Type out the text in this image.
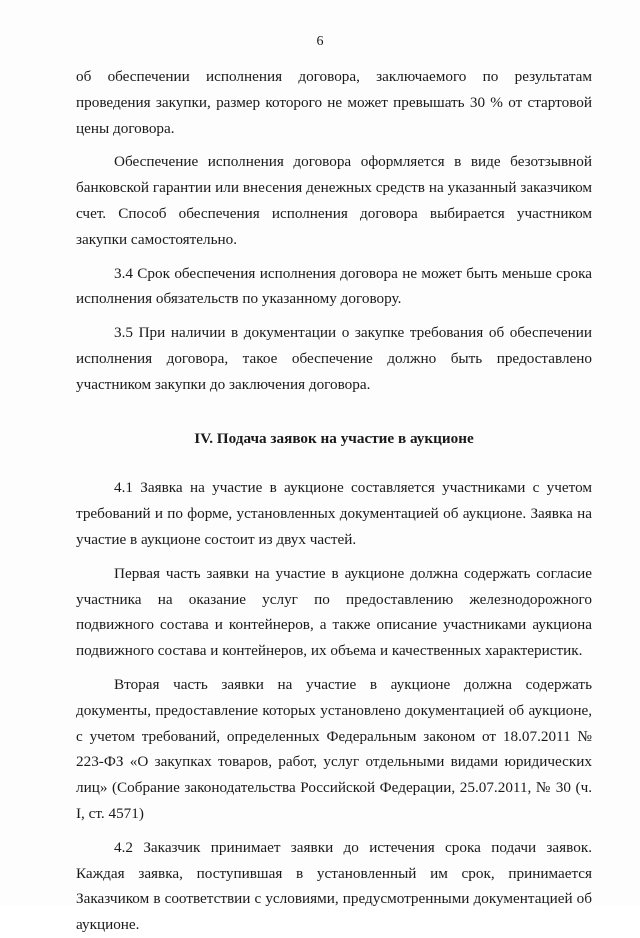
6

об обеспечении исполнения договора, заключаемого по результатам проведения закупки, размер которого не может превышать 30 % от стартовой цены договора.

Обеспечение исполнения договора оформляется в виде безотзывной банковской гарантии или внесения денежных средств на указанный заказчиком счет. Способ обеспечения исполнения договора выбирается участником закупки самостоятельно.

3.4 Срок обеспечения исполнения договора не может быть меньше срока исполнения обязательств по указанному договору.

3.5 При наличии в документации о закупке требования об обеспечении исполнения договора, такое обеспечение должно быть предоставлено участником закупки до заключения договора.

IV. Подача заявок на участие в аукционе

4.1 Заявка на участие в аукционе составляется участниками с учетом требований и по форме, установленных документацией об аукционе. Заявка на участие в аукционе состоит из двух частей.

Первая часть заявки на участие в аукционе должна содержать согласие участника на оказание услуг по предоставлению железнодорожного подвижного состава и контейнеров, а также описание участниками аукциона подвижного состава и контейнеров, их объема и качественных характеристик.

Вторая часть заявки на участие в аукционе должна содержать документы, предоставление которых установлено документацией об аукционе, с учетом требований, определенных Федеральным законом от 18.07.2011 № 223-ФЗ «О закупках товаров, работ, услуг отдельными видами юридических лиц» (Собрание законодательства Российской Федерации, 25.07.2011, № 30 (ч. I, ст. 4571)

4.2 Заказчик принимает заявки до истечения срока подачи заявок. Каждая заявка, поступившая в установленный им срок, принимается Заказчиком в соответствии с условиями, предусмотренными документацией об аукционе.
